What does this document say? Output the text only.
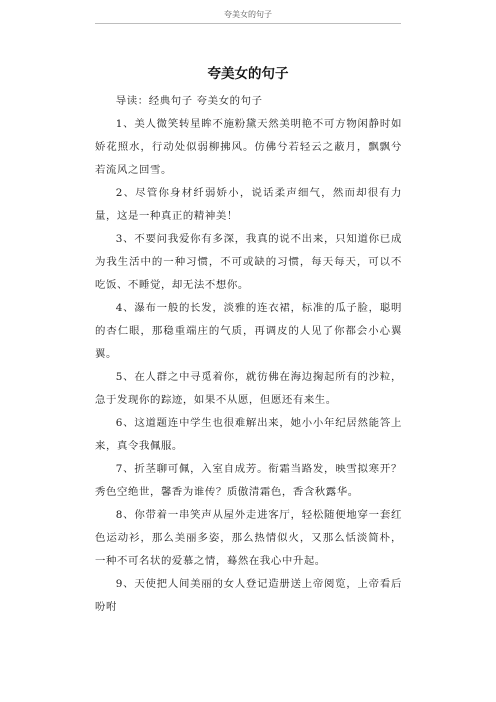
夸美女的句子
夸美女的句子

导读：经典句子 夸美女的句子

1、美人微笑转星眸不施粉黛天然美明艳不可方物闲静时如娇花照水，行动处似弱柳拂风。仿佛兮若轻云之蔽月，飘飘兮若流风之回雪。

2、尽管你身材纤弱娇小，说话柔声细气，然而却很有力量，这是一种真正的精神美！

3、不要问我爱你有多深，我真的说不出来，只知道你已成为我生活中的一种习惯，不可或缺的习惯，每天每天，可以不吃饭、不睡觉，却无法不想你。

4、瀑布一般的长发，淡雅的连衣裙，标准的瓜子脸，聪明的杏仁眼，那稳重端庄的气质，再调皮的人见了你都会小心翼翼。

5、在人群之中寻觅着你，就彷佛在海边掬起所有的沙粒，急于发现你的踪迹，如果不从愿，但愿还有来生。

6、这道题连中学生也很难解出来，她小小年纪居然能答上来，真令我佩服。

7、折茎聊可佩，入室自成芳。衔霜当路发，映雪拟寒开？秀色空绝世，馨香为谁传？质傲清霜色，香含秋露华。

8、你带着一串笑声从屋外走进客厅，轻松随便地穿一套红色运动衫，那么美丽多姿，那么热情似火，又那么恬淡简朴，一种不可名状的爱慕之情，蓦然在我心中升起。

9、天使把人间美丽的女人登记造册送上帝阅览，上帝看后吩咐
